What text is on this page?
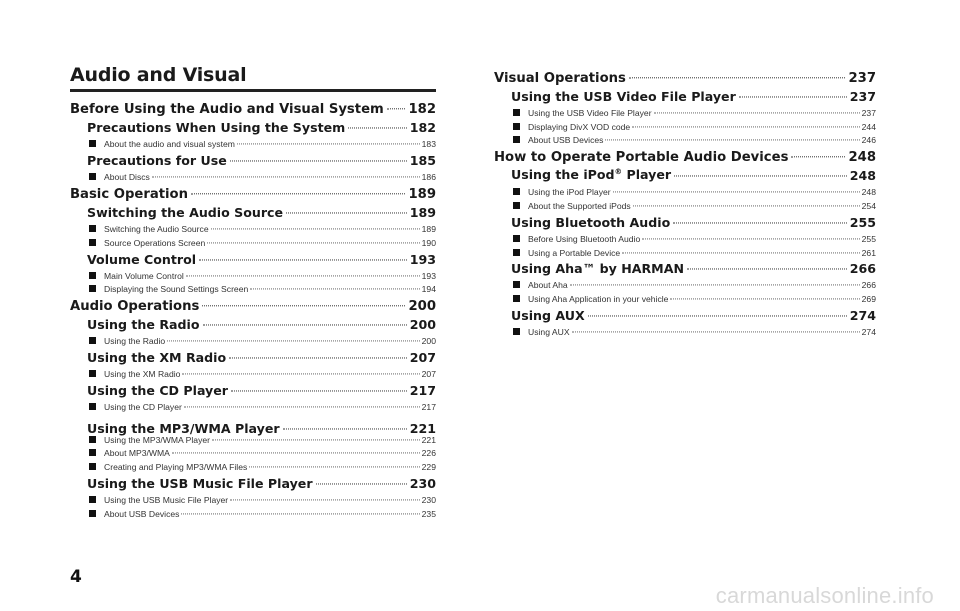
Audio and Visual
Before Using the Audio and Visual System 182
Precautions When Using the System	182
About the audio and visual system	183
Precautions for Use	185
About Discs	186
Basic Operation	189
Switching the Audio Source	189
Switching the Audio Source	189
Source Operations Screen	190
Volume Control	193
Main Volume Control	193
Displaying the Sound Settings Screen	194
Audio Operations	200
Using the Radio	200
Using the Radio	200
Using the XM Radio	207
Using the XM Radio	207
Using the CD Player	217
Using the CD Player	217
Using the MP3/WMA Player	221
Using the MP3/WMA Player	221
About MP3/WMA	226
Creating and Playing MP3/WMA Files	229
Using the USB Music File Player	230
Using the USB Music File Player	230
About USB Devices	235
Visual Operations	237
Using the USB Video File Player	237
Using the USB Video File Player	237
Displaying DivX VOD code	244
About USB Devices	246
How to Operate Portable Audio Devices	248
Using the iPod® Player	248
Using the iPod Player	248
About the Supported iPods	254
Using Bluetooth Audio	255
Before Using Bluetooth Audio	255
Using a Portable Device	261
Using Aha™ by HARMAN	266
About Aha	266
Using Aha Application in your vehicle	269
Using AUX	274
Using AUX	274
4
carmanualsonline.info
